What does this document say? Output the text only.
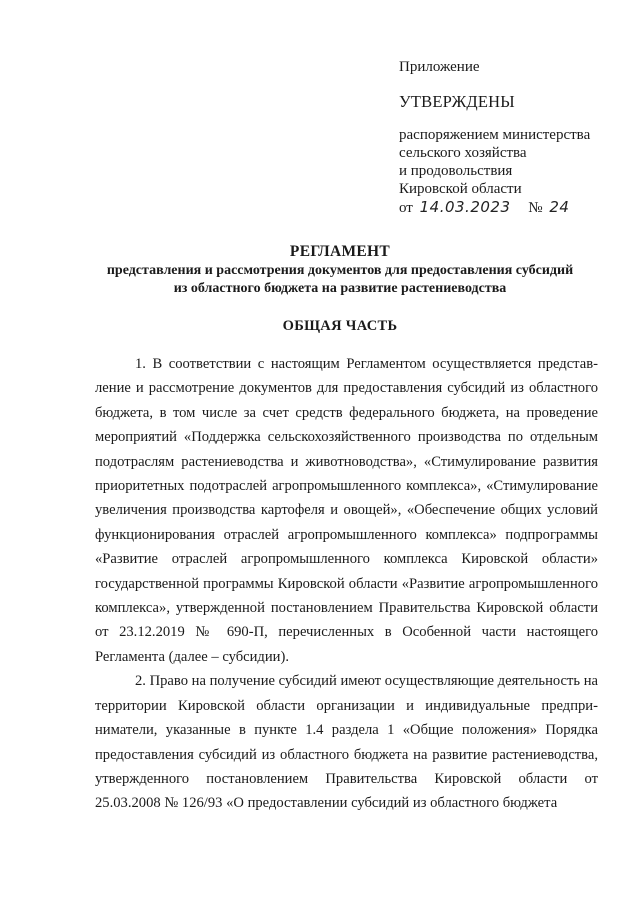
Приложение
УТВЕРЖДЕНЫ
распоряжением министерства
сельского хозяйства
и продовольствия
Кировской области
от 14.03.2023 № 24
РЕГЛАМЕНТ
представления и рассмотрения документов для предоставления субсидий
из областного бюджета на развитие растениеводства
ОБЩАЯ ЧАСТЬ

1. В соответствии с настоящим Регламентом осуществляется представление и рассмотрение документов для предоставления субсидий из областного бюджета, в том числе за счет средств федерального бюджета, на проведение мероприятий «Поддержка сельскохозяйственного производства по отдельным подотраслям растениеводства и животноводства», «Стимулирование развития приоритетных подотраслей агропромышленного комплекса», «Стимулирование увеличения производства картофеля и овощей», «Обеспечение общих условий функционирования отраслей агропромышленного комплекса» подпрограммы «Развитие отраслей агропромышленного комплекса Кировской области» государственной программы Кировской области «Развитие агропромышленного комплекса», утвержденной постановлением Правительства Кировской области от 23.12.2019 № 690-П, перечисленных в Особенной части настоящего Регламента (далее – субсидии).

2. Право на получение субсидий имеют осуществляющие деятельность на территории Кировской области организации и индивидуальные предприниматели, указанные в пункте 1.4 раздела 1 «Общие положения» Порядка предоставления субсидий из областного бюджета на развитие растениеводства, утвержденного постановлением Правительства Кировской области от 25.03.2008 № 126/93 «О предоставлении субсидий из областного бюджета
